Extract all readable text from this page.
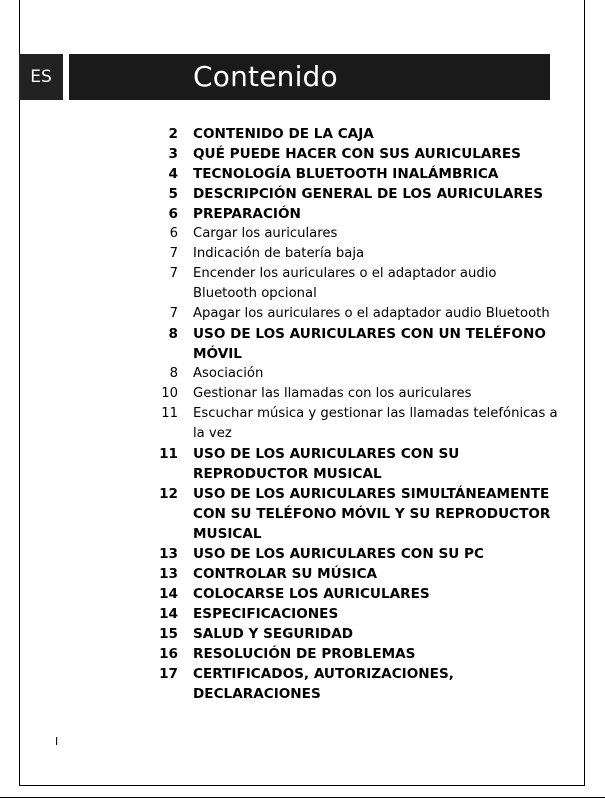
ES	Contenido
2 CONTENIDO DE LA CAJA
3 QUÉ PUEDE HACER CON SUS AURICULARES
4 TECNOLOGÍA BLUETOOTH INALÁMBRICA
5 DESCRIPCIÓN GENERAL DE LOS AURICULARES
6 PREPARACIÓN
6 Cargar los auriculares
7 Indicación de batería baja
7 Encender los auriculares o el adaptador audio Bluetooth opcional
7 Apagar los auriculares o el adaptador audio Bluetooth
8 USO DE LOS AURICULARES CON UN TELÉFONO MÓVIL
8 Asociación
10 Gestionar las llamadas con los auriculares
11 Escuchar música y gestionar las llamadas telefónicas a la vez
11 USO DE LOS AURICULARES CON SU REPRODUCTOR MUSICAL
12 USO DE LOS AURICULARES SIMULTÁNEAMENTE CON SU TELÉFONO MÓVIL Y SU REPRODUCTOR MUSICAL
13 USO DE LOS AURICULARES CON SU PC
13 CONTROLAR SU MÚSICA
14 COLOCARSE LOS AURICULARES
14 ESPECIFICACIONES
15 SALUD Y SEGURIDAD
16 RESOLUCIÓN DE PROBLEMAS
17 CERTIFICADOS, AUTORIZACIONES, DECLARACIONES
I
